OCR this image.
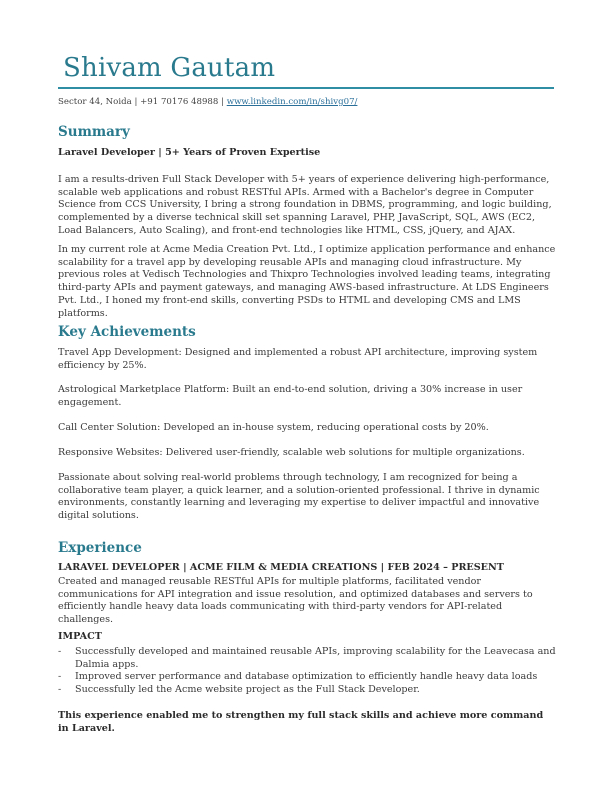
Shivam Gautam
Sector 44, Noida | +91 70176 48988 | www.linkedin.com/in/shivg07/
Summary
Laravel Developer | 5+ Years of Proven Expertise
I am a results-driven Full Stack Developer with 5+ years of experience delivering high-performance, scalable web applications and robust RESTful APIs. Armed with a Bachelor's degree in Computer Science from CCS University, I bring a strong foundation in DBMS, programming, and logic building, complemented by a diverse technical skill set spanning Laravel, PHP, JavaScript, SQL, AWS (EC2, Load Balancers, Auto Scaling), and front-end technologies like HTML, CSS, jQuery, and AJAX.
In my current role at Acme Media Creation Pvt. Ltd., I optimize application performance and enhance scalability for a travel app by developing reusable APIs and managing cloud infrastructure. My previous roles at Vedisch Technologies and Thixpro Technologies involved leading teams, integrating third-party APIs and payment gateways, and managing AWS-based infrastructure. At LDS Engineers Pvt. Ltd., I honed my front-end skills, converting PSDs to HTML and developing CMS and LMS platforms.
Key Achievements
Travel App Development: Designed and implemented a robust API architecture, improving system efficiency by 25%.
Astrological Marketplace Platform: Built an end-to-end solution, driving a 30% increase in user engagement.
Call Center Solution: Developed an in-house system, reducing operational costs by 20%.
Responsive Websites: Delivered user-friendly, scalable web solutions for multiple organizations.
Passionate about solving real-world problems through technology, I am recognized for being a collaborative team player, a quick learner, and a solution-oriented professional. I thrive in dynamic environments, constantly learning and leveraging my expertise to deliver impactful and innovative digital solutions.
Experience
LARAVEL DEVELOPER | ACME FILM & MEDIA CREATIONS | FEB 2024 – PRESENT
Created and managed reusable RESTful APIs for multiple platforms, facilitated vendor communications for API integration and issue resolution, and optimized databases and servers to efficiently handle heavy data loads communicating with third-party vendors for API-related challenges.
IMPACT
- Successfully developed and maintained reusable APIs, improving scalability for the Leavecasa and Dalmia apps.
- Improved server performance and database optimization to efficiently handle heavy data loads
- Successfully led the Acme website project as the Full Stack Developer.
This experience enabled me to strengthen my full stack skills and achieve more command in Laravel.
